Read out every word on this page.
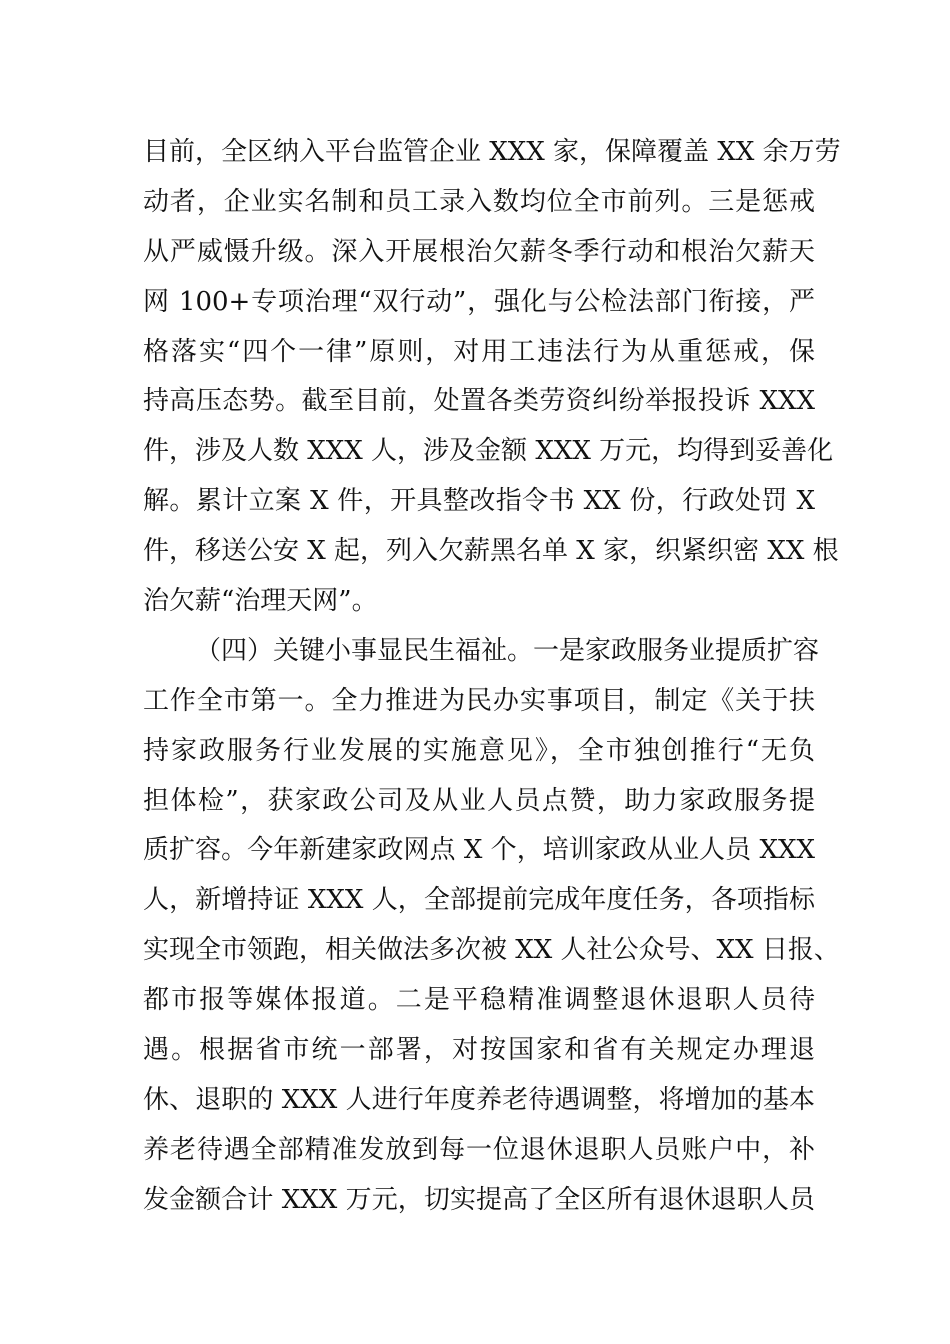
目前，全区纳入平台监管企业 XXX 家，保障覆盖 XX 余万劳
动者，企业实名制和员工录入数均位全市前列。三是惩戒
从严威慑升级。深入开展根治欠薪冬季行动和根治欠薪天
网 100+专项治理“双行动”，强化与公检法部门衔接，严
格落实“四个一律”原则，对用工违法行为从重惩戒，保
持高压态势。截至目前，处置各类劳资纠纷举报投诉 XXX
件，涉及人数 XXX 人，涉及金额 XXX 万元，均得到妥善化
解。累计立案 X 件，开具整改指令书 XX 份，行政处罚 X
件，移送公安 X 起，列入欠薪黑名单 X 家，织紧织密 XX 根
治欠薪“治理天网”。
（四）关键小事显民生福祉。一是家政服务业提质扩容
工作全市第一。全力推进为民办实事项目，制定《关于扶
持家政服务行业发展的实施意见》，全市独创推行“无负
担体检”，获家政公司及从业人员点赞，助力家政服务提
质扩容。今年新建家政网点 X 个，培训家政从业人员 XXX
人，新增持证 XXX 人，全部提前完成年度任务，各项指标
实现全市领跑，相关做法多次被 XX 人社公众号、XX 日报、
都市报等媒体报道。二是平稳精准调整退休退职人员待
遇。根据省市统一部署，对按国家和省有关规定办理退
休、退职的 XXX 人进行年度养老待遇调整，将增加的基本
养老待遇全部精准发放到每一位退休退职人员账户中，补
发金额合计 XXX 万元，切实提高了全区所有退休退职人员
